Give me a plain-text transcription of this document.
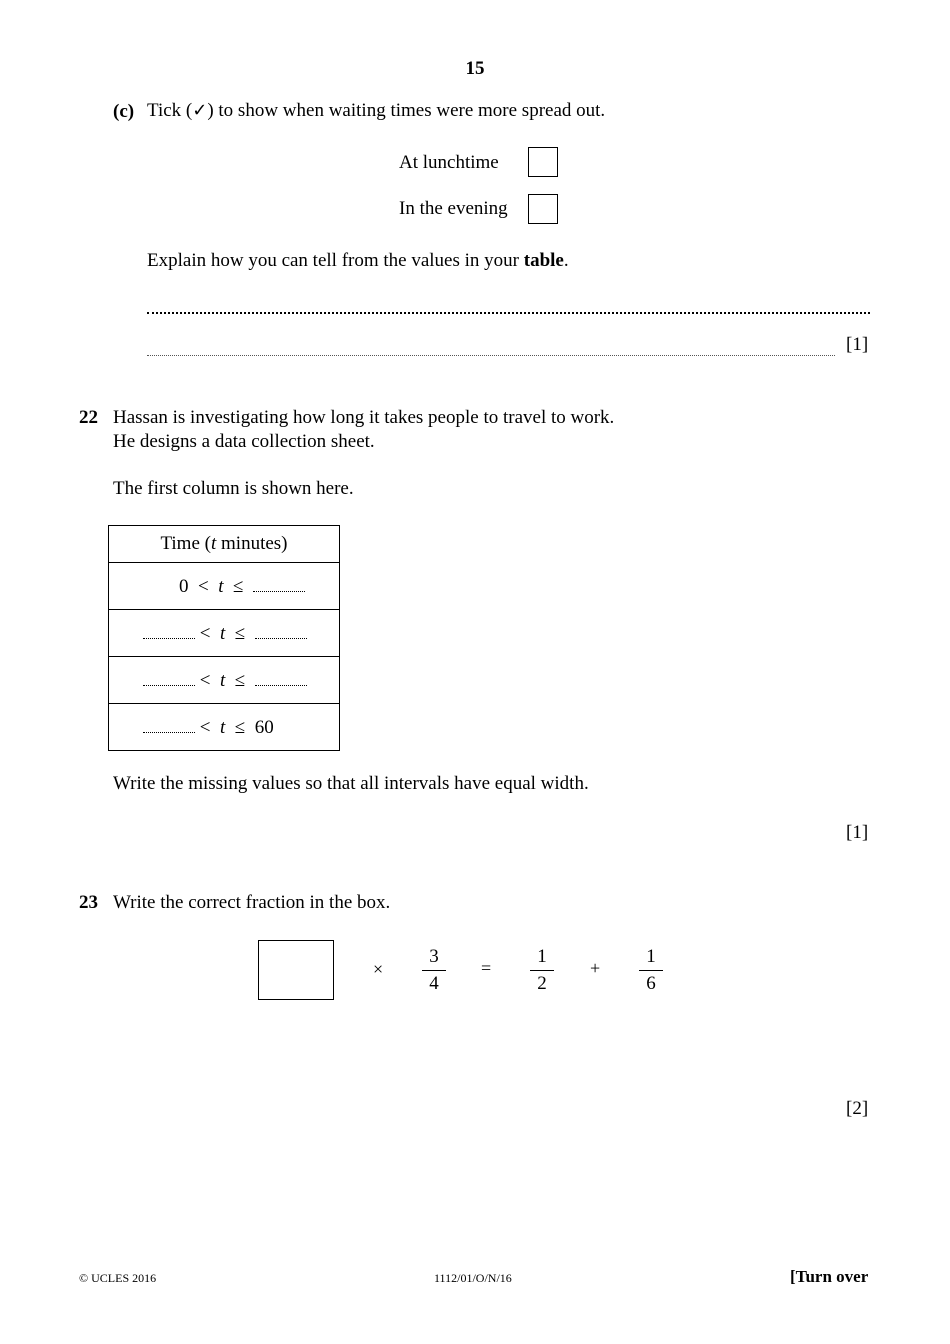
15
(c) Tick (✓) to show when waiting times were more spread out.
At lunchtime
In the evening
Explain how you can tell from the values in your table.
[1]
22 Hassan is investigating how long it takes people to travel to work.
He designs a data collection sheet.
The first column is shown here.
Time (t minutes)

0 < t ≤

< t ≤

< t ≤

< t ≤ 60
Write the missing values so that all intervals have equal width.
[1]
23 Write the correct fraction in the box.
×
3
4
=
1
2
+
1
6
[2]
© UCLES 2016	1112/01/O/N/16	[Turn over
